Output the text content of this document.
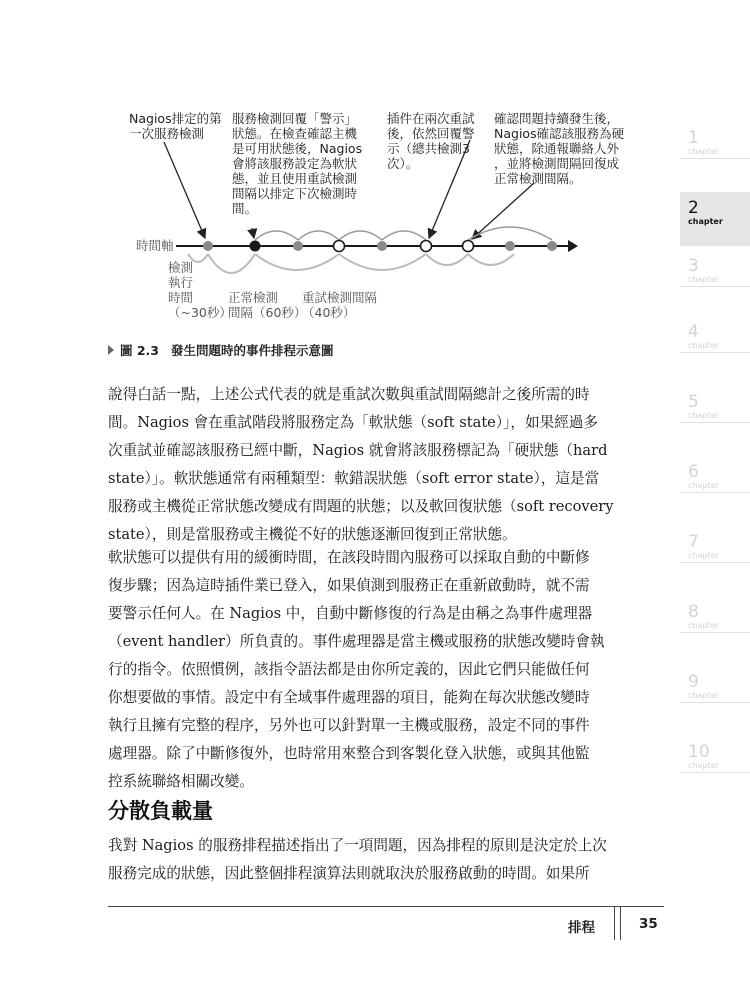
Nagios排定的第
一次服務檢測
服務檢測回覆「警示」
狀態。在檢查確認主機
是可用狀態後，Nagios
會將該服務設定為軟狀
態，並且使用重試檢測
間隔以排定下次檢測時
間。
插件在兩次重試
後，依然回覆警
示（總共檢測3
次）。
確認問題持續發生後，
Nagios確認該服務為硬
狀態，除通報聯絡人外
，並將檢測間隔回復成
正常檢測間隔。
時間軸
檢測
執行
時間
（~30秒）
正常檢測
間隔（60秒）
重試檢測間隔
（40秒）
圖 2.3 發生問題時的事件排程示意圖

說得白話一點，上述公式代表的就是重試次數與重試間隔總計之後所需的時

間。Nagios 會在重試階段將服務定為「軟狀態（soft state）」，如果經過多

次重試並確認該服務已經中斷，Nagios 就會將該服務標記為「硬狀態（hard

state）」。軟狀態通常有兩種類型：軟錯誤狀態（soft error state），這是當

服務或主機從正常狀態改變成有問題的狀態；以及軟回復狀態（soft recovery

state），則是當服務或主機從不好的狀態逐漸回復到正常狀態。

軟狀態可以提供有用的緩衝時間，在該段時間內服務可以採取自動的中斷修

復步驟；因為這時插件業已登入，如果偵測到服務正在重新啟動時，就不需

要警示任何人。在 Nagios 中，自動中斷修復的行為是由稱之為事件處理器

（event handler）所負責的。事件處理器是當主機或服務的狀態改變時會執

行的指令。依照慣例，該指令語法都是由你所定義的，因此它們只能做任何

你想要做的事情。設定中有全域事件處理器的項目，能夠在每次狀態改變時

執行且擁有完整的程序，另外也可以針對單一主機或服務，設定不同的事件

處理器。除了中斷修復外，也時常用來整合到客製化登入狀態，或與其他監

控系統聯絡相關改變。

分散負載量

我對 Nagios 的服務排程描述指出了一項問題，因為排程的原則是決定於上次

服務完成的狀態，因此整個排程演算法則就取決於服務啟動的時間。如果所

1
chapter
2
chapter
3
chapter
4
chapter
5
chapter
6
chapter
7
chapter
8
chapter
9
chapter
10
chapter
排程	35
